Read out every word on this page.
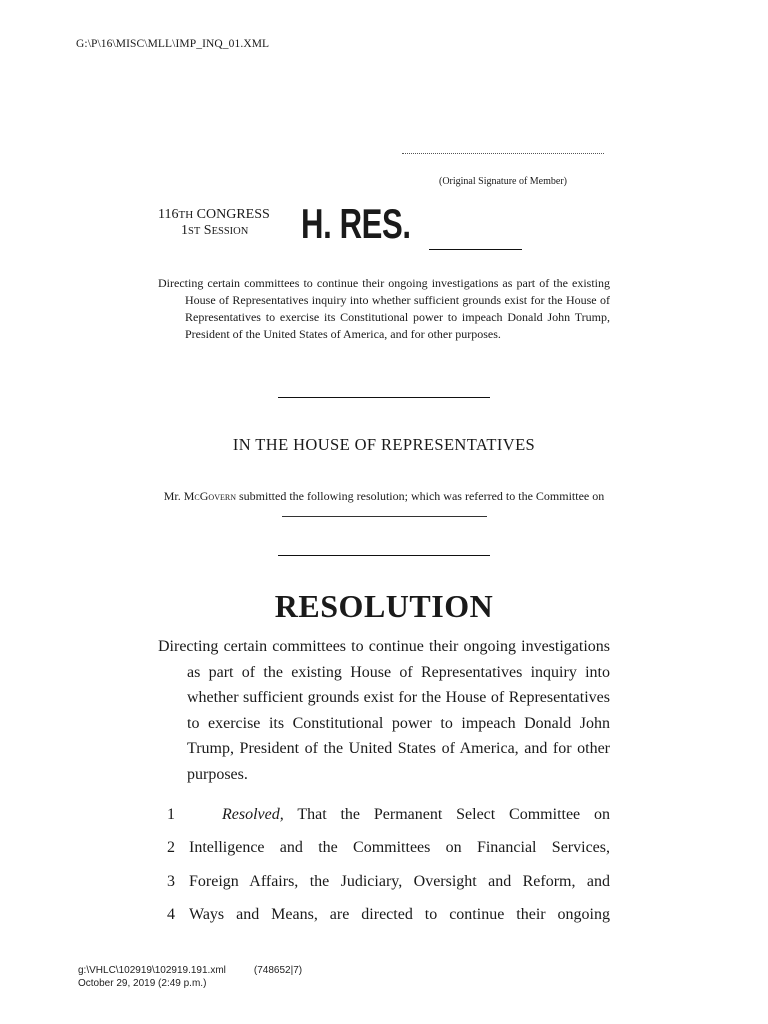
G:\P\16\MISC\MLL\IMP_INQ_01.XML
(Original Signature of Member)
116TH CONGRESS
1ST SESSION H. RES.
Directing certain committees to continue their ongoing investigations as part of the existing House of Representatives inquiry into whether sufficient grounds exist for the House of Representatives to exercise its Constitutional power to impeach Donald John Trump, President of the United States of America, and for other purposes.
IN THE HOUSE OF REPRESENTATIVES
Mr. McGovern submitted the following resolution; which was referred to the Committee on
RESOLUTION
Directing certain committees to continue their ongoing investigations as part of the existing House of Representatives inquiry into whether sufficient grounds exist for the House of Representatives to exercise its Constitutional power to impeach Donald John Trump, President of the United States of America, and for other purposes.
1	Resolved, That the Permanent Select Committee on
2 Intelligence and the Committees on Financial Services,
3 Foreign Affairs, the Judiciary, Oversight and Reform, and
4 Ways and Means, are directed to continue their ongoing
g:\VHLC\102919\102919.191.xml	(748652|7)
October 29, 2019 (2:49 p.m.)
